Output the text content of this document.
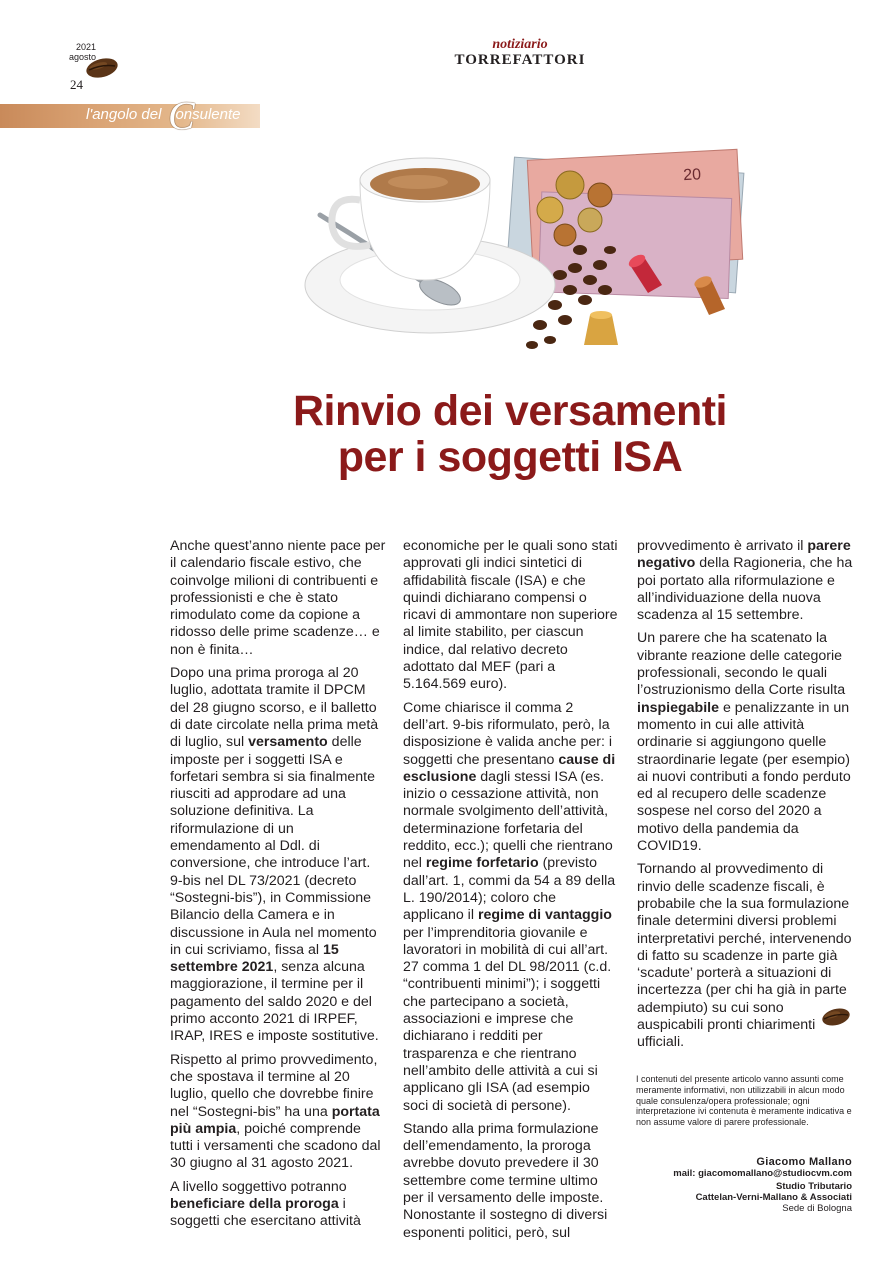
2021
agosto
24
notiziario
TORREFATTORI
l'angolo del onsulente
C
20
Rinvio dei versamenti
per i soggetti ISA

Anche quest’anno niente pace per il calendario fiscale estivo, che coinvolge milioni di contribuenti e professionisti e che è stato rimodulato come da copione a ridosso delle prime scadenze… e non è finita…

Dopo una prima proroga al 20 luglio, adottata tramite il DPCM del 28 giugno scorso, e il balletto di date circolate nella prima metà di luglio, sul versamento delle imposte per i soggetti ISA e forfetari sembra si sia finalmente riusciti ad approdare ad una soluzione definitiva. La riformulazione di un emendamento al Ddl. di conversione, che introduce l’art. 9-bis nel DL 73/2021 (decreto “Sostegni-bis”), in Commissione Bilancio della Camera e in discussione in Aula nel momento in cui scriviamo, fissa al 15 settembre 2021, senza alcuna maggiorazione, il termine per il pagamento del saldo 2020 e del primo acconto 2021 di IRPEF, IRAP, IRES e imposte sostitutive.

Rispetto al primo provvedimento, che spostava il termine al 20 luglio, quello che dovrebbe finire nel “Sostegni-bis” ha una portata più ampia, poiché comprende tutti i versamenti che scadono dal 30 giugno al 31 agosto 2021.

A livello soggettivo potranno beneficiare della proroga i soggetti che esercitano attività

economiche per le quali sono stati approvati gli indici sintetici di affidabilità fiscale (ISA) e che quindi dichiarano compensi o ricavi di ammontare non superiore al limite stabilito, per ciascun indice, dal relativo decreto adottato dal MEF (pari a 5.164.569 euro).

Come chiarisce il comma 2 dell’art. 9-bis riformulato, però, la disposizione è valida anche per: i soggetti che presentano cause di esclusione dagli stessi ISA (es. inizio o cessazione attività, non normale svolgimento dell’attività, determinazione forfetaria del reddito, ecc.); quelli che rientrano nel regime forfetario (previsto dall’art. 1, commi da 54 a 89 della L. 190/2014); coloro che applicano il regime di vantaggio per l’imprenditoria giovanile e lavoratori in mobilità di cui all’art. 27 comma 1 del DL 98/2011 (c.d. “contribuenti minimi”); i soggetti che partecipano a società, associazioni e imprese che dichiarano i redditi per trasparenza e che rientrano nell’ambito delle attività a cui si applicano gli ISA (ad esempio soci di società di persone).

Stando alla prima formulazione dell’emendamento, la proroga avrebbe dovuto prevedere il 30 settembre come termine ultimo per il versamento delle imposte. Nonostante il sostegno di diversi esponenti politici, però, sul

provvedimento è arrivato il parere negativo della Ragioneria, che ha poi portato alla riformulazione e all’individuazione della nuova scadenza al 15 settembre.

Un parere che ha scatenato la vibrante reazione delle categorie professionali, secondo le quali l’ostruzionismo della Corte risulta inspiegabile e penalizzante in un momento in cui alle attività ordinarie si aggiungono quelle straordinarie legate (per esempio) ai nuovi contributi a fondo perduto ed al recupero delle scadenze sospese nel corso del 2020 a motivo della pandemia da COVID19.

Tornando al provvedimento di rinvio delle scadenze fiscali, è probabile che la sua formulazione finale determini diversi problemi interpretativi perché, intervenendo di fatto su scadenze in parte già ‘scadute’ porterà a situazioni di incertezza (per chi ha già in parte adempiuto) su cui sono auspicabili pronti chiarimenti ufficiali.

I contenuti del presente articolo vanno assunti come meramente informativi, non utilizzabili in alcun modo quale consulenza/opera professionale; ogni interpretazione ivi contenuta è meramente indicativa e non assume valore di parere professionale.
Giacomo Mallano
mail: giacomomallano@studiocvm.com
Studio Tributario
Cattelan-Verni-Mallano & Associati
Sede di Bologna
